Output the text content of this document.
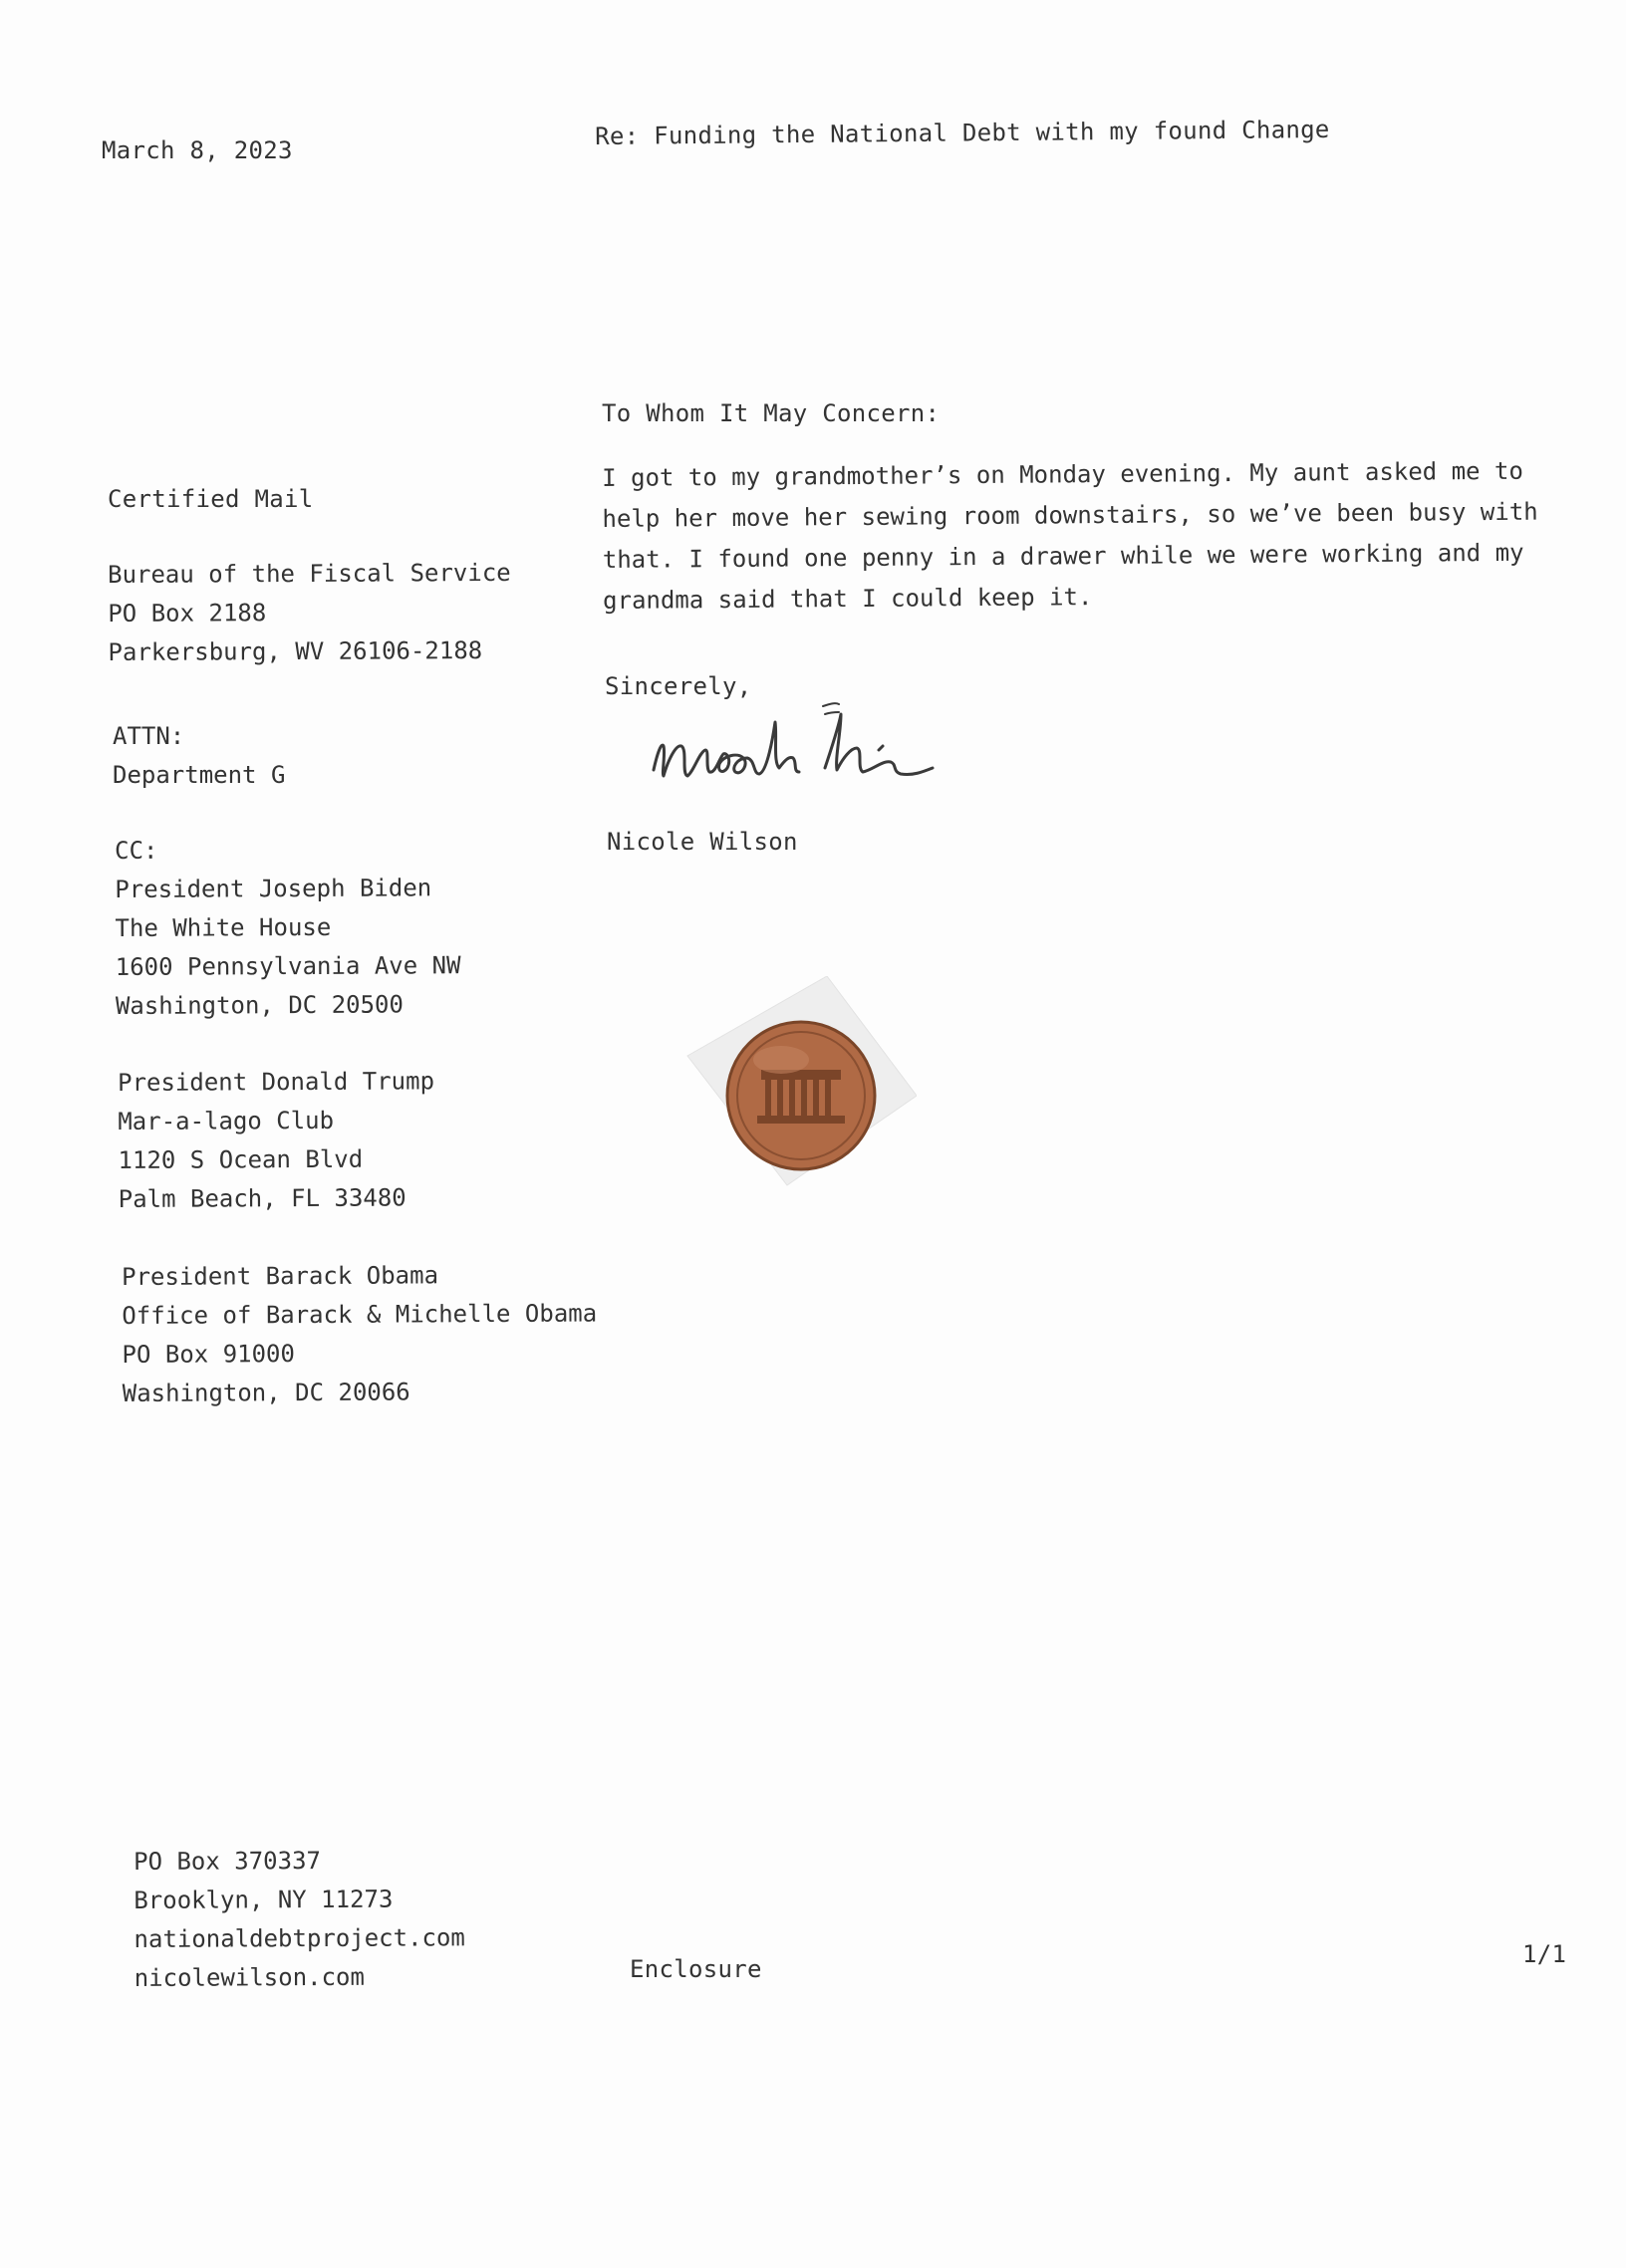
March 8, 2023
Re: Funding the National Debt with my found Change
To Whom It May Concern:
I got to my grandmother’s on Monday evening. My aunt asked me to
help her move her sewing room downstairs, so we’ve been busy with
that. I found one penny in a drawer while we were working and my
grandma said that I could keep it.
Sincerely,
Nicole Wilson
Certified Mail
Bureau of the Fiscal Service
PO Box 2188
Parkersburg, WV 26106-2188
ATTN:
Department G
CC:
President Joseph Biden
The White House
1600 Pennsylvania Ave NW
Washington, DC 20500
President Donald Trump
Mar-a-lago Club
1120 S Ocean Blvd
Palm Beach, FL 33480
President Barack Obama
Office of Barack & Michelle Obama
PO Box 91000
Washington, DC 20066
PO Box 370337
Brooklyn, NY 11273
nationaldebtproject.com
nicolewilson.com	Enclosure
1/1
